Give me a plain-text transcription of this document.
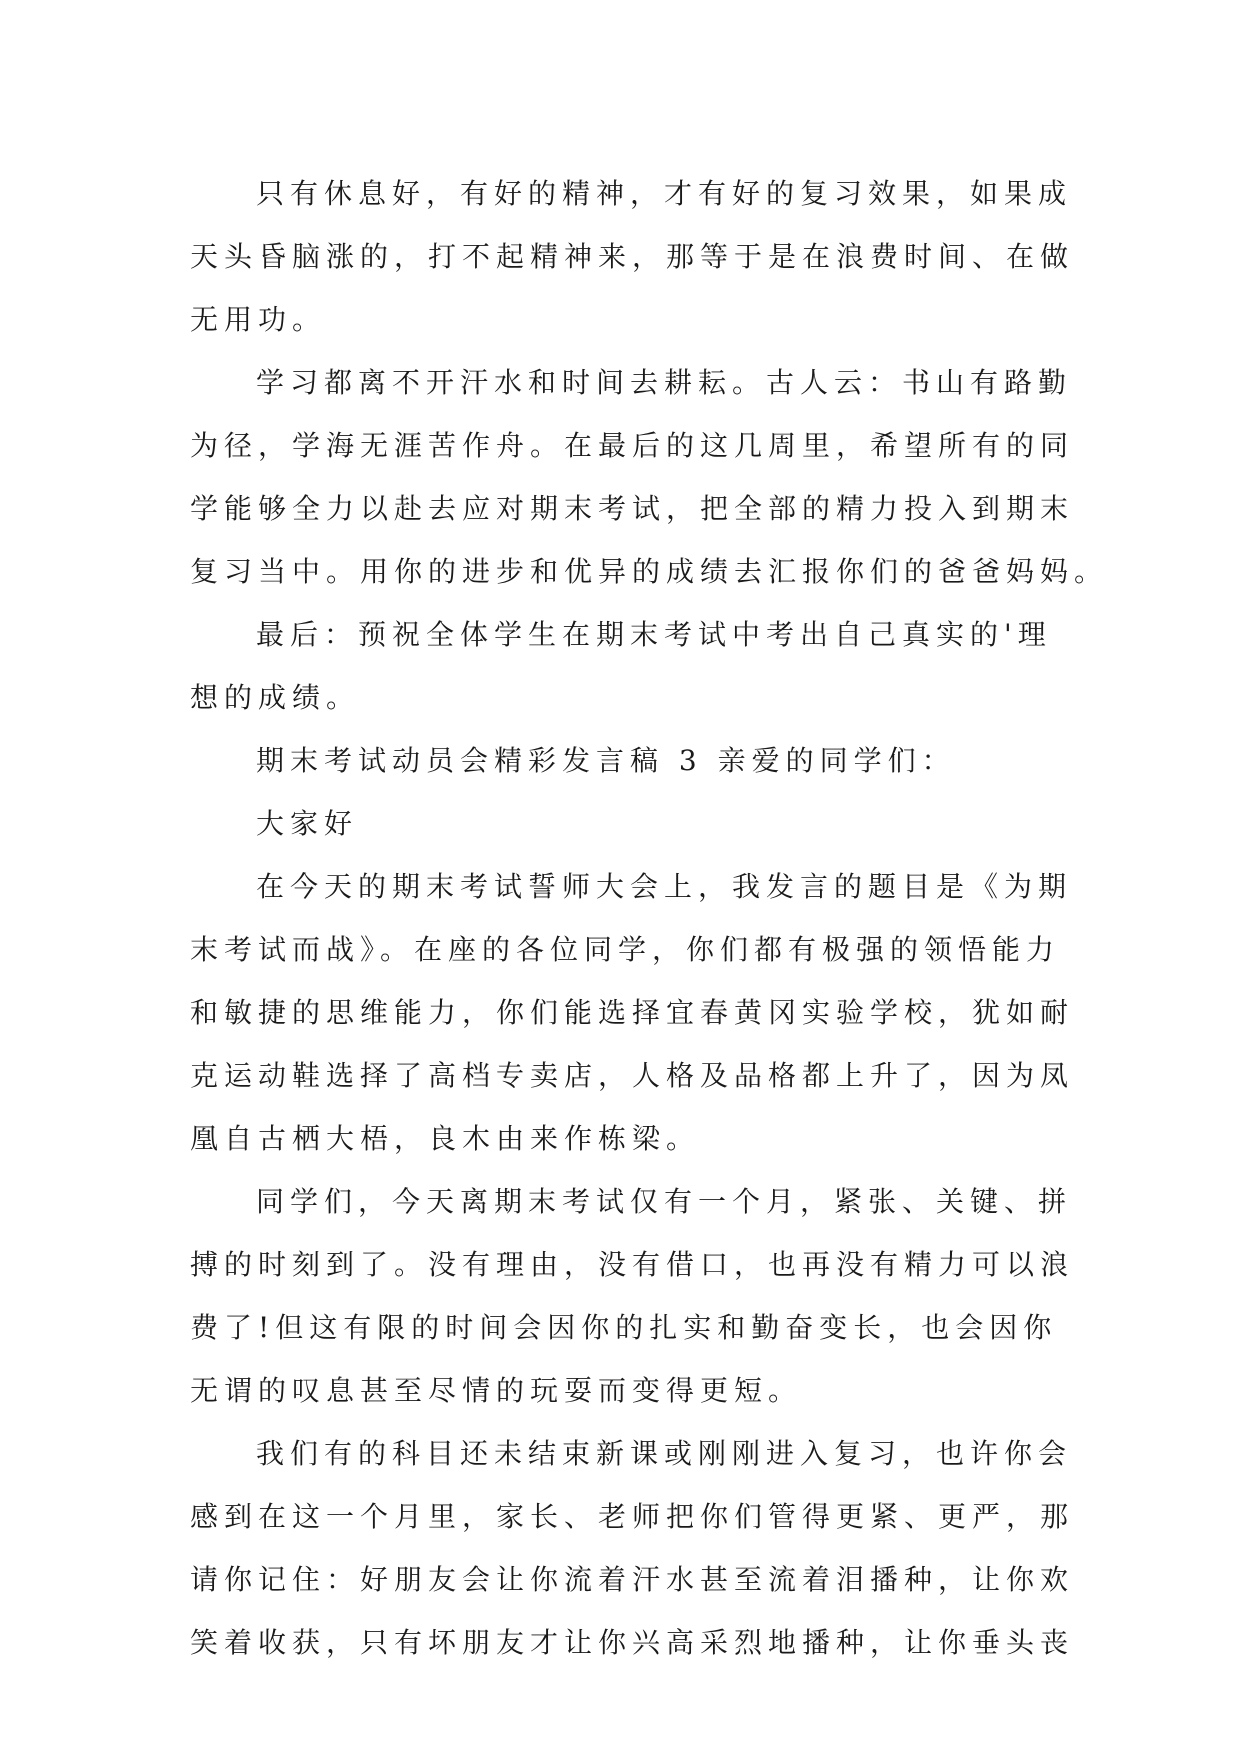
只有休息好，有好的精神，才有好的复习效果，如果成
天头昏脑涨的，打不起精神来，那等于是在浪费时间、在做
无用功。
学习都离不开汗水和时间去耕耘。古人云：书山有路勤
为径，学海无涯苦作舟。在最后的这几周里，希望所有的同
学能够全力以赴去应对期末考试，把全部的精力投入到期末
复习当中。用你的进步和优异的成绩去汇报你们的爸爸妈妈。
最后：预祝全体学生在期末考试中考出自己真实的'理
想的成绩。
期末考试动员会精彩发言稿 3 亲爱的同学们：
大家好
在今天的期末考试誓师大会上，我发言的题目是《为期
末考试而战》。在座的各位同学，你们都有极强的领悟能力
和敏捷的思维能力，你们能选择宜春黄冈实验学校，犹如耐
克运动鞋选择了高档专卖店，人格及品格都上升了，因为凤
凰自古栖大梧，良木由来作栋梁。
同学们，今天离期末考试仅有一个月，紧张、关键、拼
搏的时刻到了。没有理由，没有借口，也再没有精力可以浪
费了!但这有限的时间会因你的扎实和勤奋变长，也会因你
无谓的叹息甚至尽情的玩耍而变得更短。
我们有的科目还未结束新课或刚刚进入复习，也许你会
感到在这一个月里，家长、老师把你们管得更紧、更严，那
请你记住：好朋友会让你流着汗水甚至流着泪播种，让你欢
笑着收获，只有坏朋友才让你兴高采烈地播种，让你垂头丧
